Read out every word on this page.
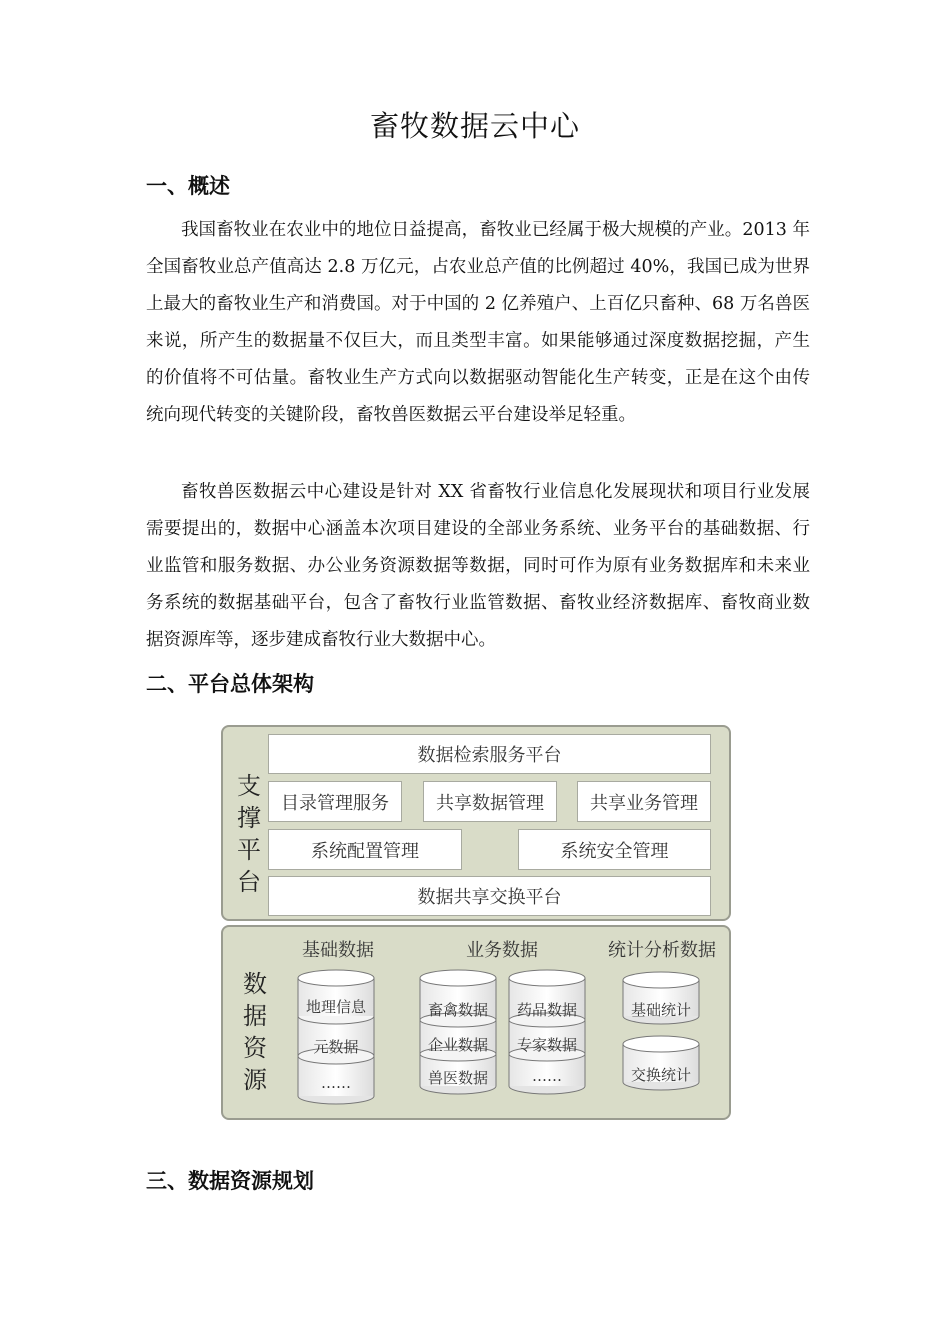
畜牧数据云中心
一、概述

我国畜牧业在农业中的地位日益提高，畜牧业已经属于极大规模的产业。2013 年全国畜牧业总产值高达 2.8 万亿元，占农业总产值的比例超过 40%，我国已成为世界上最大的畜牧业生产和消费国。对于中国的 2 亿养殖户、上百亿只畜种、68 万名兽医来说，所产生的数据量不仅巨大，而且类型丰富。如果能够通过深度数据挖掘，产生的价值将不可估量。畜牧业生产方式向以数据驱动智能化生产转变，正是在这个由传统向现代转变的关键阶段，畜牧兽医数据云平台建设举足轻重。

畜牧兽医数据云中心建设是针对 XX 省畜牧行业信息化发展现状和项目行业发展需要提出的，数据中心涵盖本次项目建设的全部业务系统、业务平台的基础数据、行业监管和服务数据、办公业务资源数据等数据，同时可作为原有业务数据库和未来业务系统的数据基础平台，包含了畜牧行业监管数据、畜牧业经济数据库、畜牧商业数据资源库等，逐步建成畜牧行业大数据中心。

二、平台总体架构
支
撑
平
台
数据检索服务平台
目录管理服务	共享数据管理	共享业务管理
系统配置管理	系统安全管理
数据共享交换平台
数
据
资
源
基础数据	业务数据	统计分析数据
地理信息
元数据
……
畜禽数据
企业数据
兽医数据
药品数据
专家数据
……
基础统计
交换统计
三、数据资源规划
